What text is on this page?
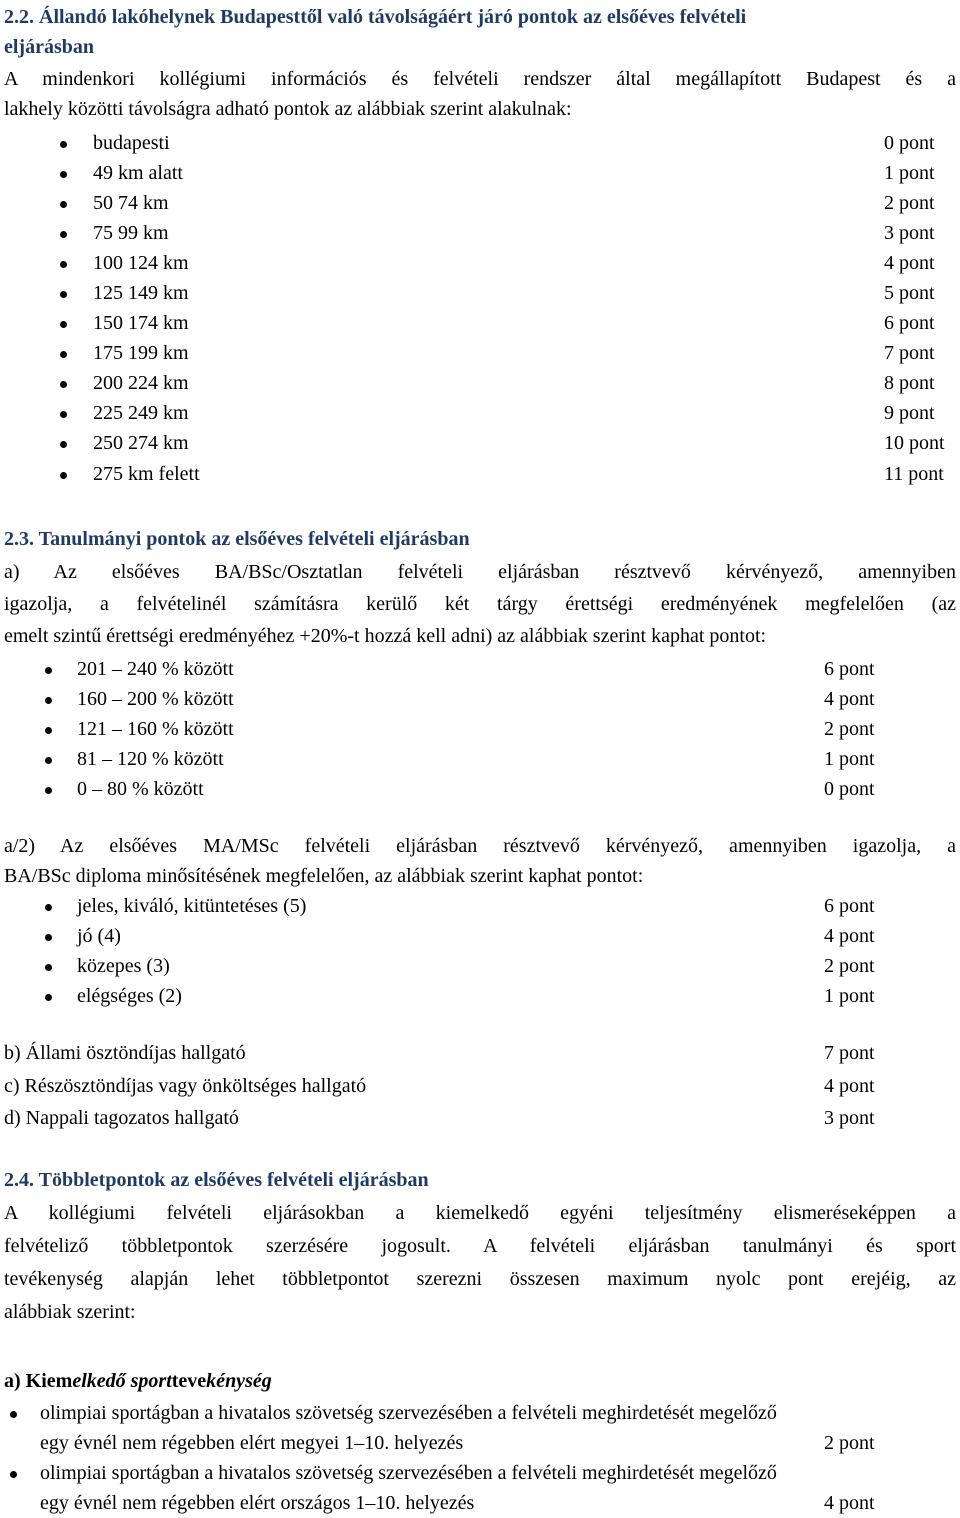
2.2. Állandó lakóhelynek Budapesttől való távolságáért járó pontok az elsőéves felvételi
eljárásban
A mindenkori kollégiumi információs és felvételi rendszer által megállapított Budapest és a
lakhely közötti távolságra adható pontok az alábbiak szerint alakulnak:
budapesti	0 pont
49 km alatt	1 pont
50 74 km	2 pont
75 99 km	3 pont
100 124 km	4 pont
125 149 km	5 pont
150 174 km	6 pont
175 199 km	7 pont
200 224 km	8 pont
225 249 km	9 pont
250 274 km	10 pont
275 km felett	11 pont
2.3. Tanulmányi pontok az elsőéves felvételi eljárásban
a) Az elsőéves BA/BSc/Osztatlan felvételi eljárásban résztvevő kérvényező, amennyiben
igazolja, a felvételinél számításra kerülő két tárgy érettségi eredményének megfelelően (az
emelt szintű érettségi eredményéhez +20%-t hozzá kell adni) az alábbiak szerint kaphat pontot:
201 – 240 % között	6 pont
160 – 200 % között	4 pont
121 – 160 % között	2 pont
81 – 120 % között	1 pont
0 – 80 % között	0 pont
a/2) Az elsőéves MA/MSc felvételi eljárásban résztvevő kérvényező, amennyiben igazolja, a
BA/BSc diploma minősítésének megfelelően, az alábbiak szerint kaphat pontot:
jeles, kiváló, kitüntetéses (5)	6 pont
jó (4)	4 pont
közepes (3)	2 pont
elégséges (2)	1 pont
b) Állami ösztöndíjas hallgató	7 pont
c) Részösztöndíjas vagy önköltséges hallgató	4 pont
d) Nappali tagozatos hallgató	3 pont
2.4. Többletpontok az elsőéves felvételi eljárásban
A kollégiumi felvételi eljárásokban a kiemelkedő egyéni teljesítmény elismeréseképpen a
felvételiző többletpontok szerzésére jogosult. A felvételi eljárásban tanulmányi és sport
tevékenység alapján lehet többletpontot szerezni összesen maximum nyolc pont erejéig, az
alábbiak szerint:
a) Kiemelkedő sporttevekénység
olimpiai sportágban a hivatalos szövetség szervezésében a felvételi meghirdetését megelőző
egy évnél nem régebben elért megyei 1–10. helyezés	2 pont
olimpiai sportágban a hivatalos szövetség szervezésében a felvételi meghirdetését megelőző
egy évnél nem régebben elért országos 1–10. helyezés	4 pont
